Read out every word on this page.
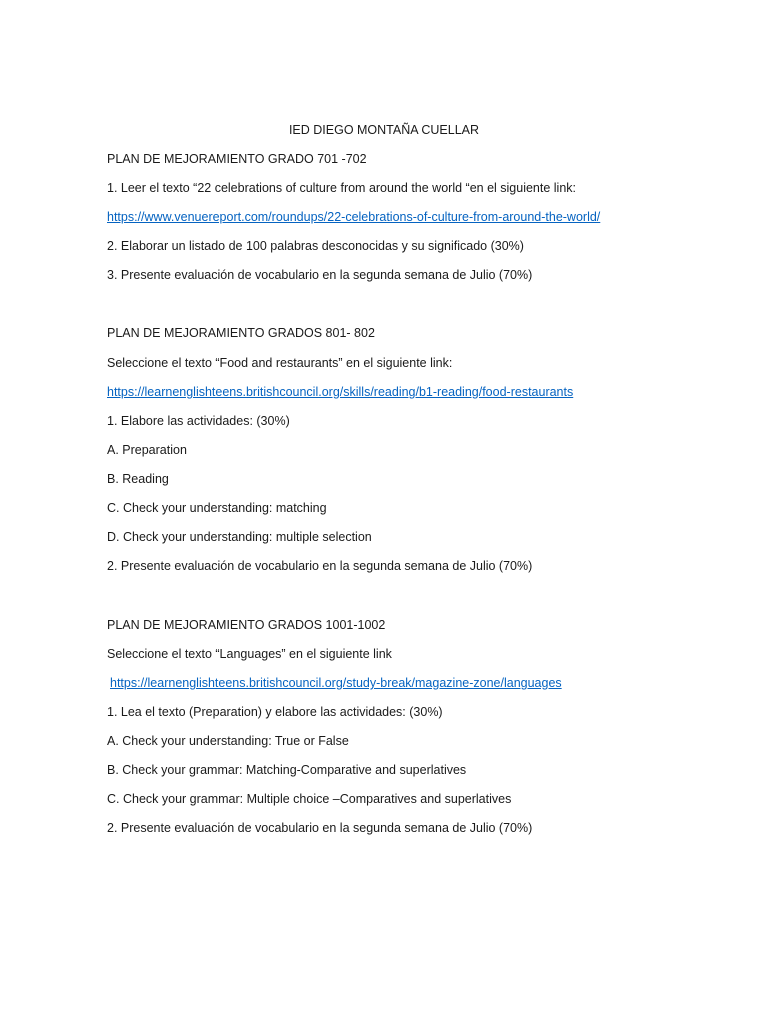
IED DIEGO MONTAÑA CUELLAR
PLAN DE MEJORAMIENTO GRADO 701 -702
1. Leer el texto “22 celebrations of culture from around the world “en el siguiente link:
https://www.venuereport.com/roundups/22-celebrations-of-culture-from-around-the-world/
2. Elaborar un listado de 100 palabras desconocidas y su significado (30%)
3. Presente evaluación de vocabulario en la segunda semana de Julio (70%)
PLAN DE MEJORAMIENTO GRADOS 801- 802
Seleccione el texto “Food and restaurants” en el siguiente link:
https://learnenglishteens.britishcouncil.org/skills/reading/b1-reading/food-restaurants
1. Elabore las actividades: (30%)
A. Preparation
B. Reading
C. Check your understanding: matching
D. Check your understanding: multiple selection
2. Presente evaluación de vocabulario en la segunda semana de Julio (70%)
PLAN DE MEJORAMIENTO GRADOS 1001-1002
Seleccione el texto “Languages” en el siguiente link
https://learnenglishteens.britishcouncil.org/study-break/magazine-zone/languages
1. Lea el texto (Preparation) y elabore las actividades: (30%)
A. Check your understanding: True or False
B. Check your grammar: Matching-Comparative and superlatives
C. Check your grammar: Multiple choice –Comparatives and superlatives
2. Presente evaluación de vocabulario en la segunda semana de Julio (70%)
